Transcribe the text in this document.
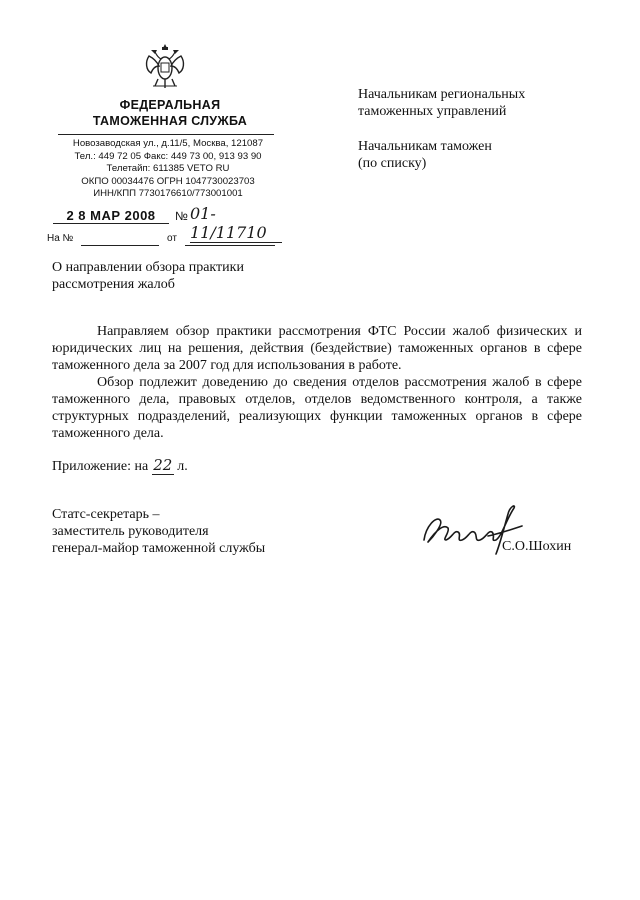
ФЕДЕРАЛЬНАЯ
ТАМОЖЕННАЯ СЛУЖБА
Новозаводская ул., д.11/5, Москва, 121087
Тел.: 449 72 05 Факс: 449 73 00, 913 93 90
Телетайп: 611385 VETO RU
ОКПО 00034476 ОГРН 1047730023703
ИНН/КПП 7730176610/773001001
2 8 МАР 2008	№ 01-11/11710
На №	от
Начальникам региональных
таможенных управлений
Начальникам таможен
(по списку)
О направлении обзора практики
рассмотрения жалоб

Направляем обзор практики рассмотрения ФТС России жалоб физических и юридических лиц на решения, действия (бездействие) таможенных органов в сфере таможенного дела за 2007 год для использования в работе.

Обзор подлежит доведению до сведения отделов рассмотрения жалоб в сфере таможенного дела, правовых отделов, отделов ведомственного контроля, а также структурных подразделений, реализующих функции таможенных органов в сфере таможенного дела.

Приложение: на 22 л.
Статс-секретарь –
заместитель руководителя
генерал-майор таможенной службы	С.О.Шохин
